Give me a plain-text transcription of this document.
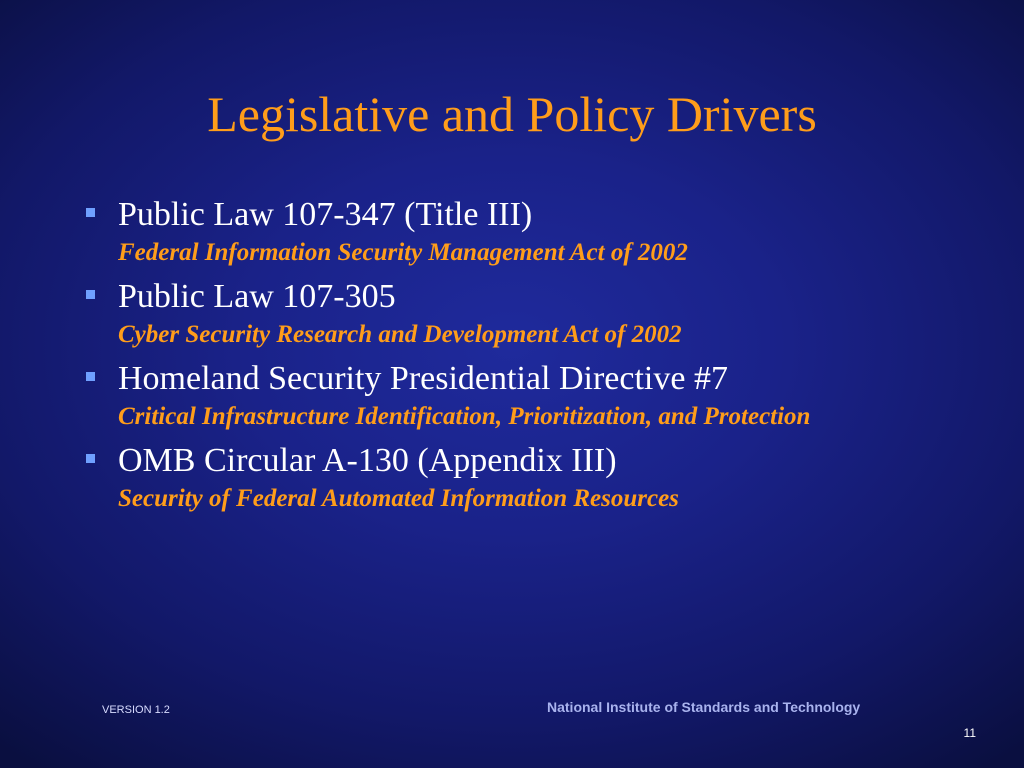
Legislative and Policy Drivers
Public Law 107-347 (Title III)
Federal Information Security Management Act of 2002
Public Law 107-305
Cyber Security Research and Development Act of 2002
Homeland Security Presidential Directive #7
Critical Infrastructure Identification, Prioritization, and Protection
OMB Circular A-130 (Appendix III)
Security of Federal Automated Information Resources
VERSION 1.2	National Institute of Standards and Technology
11
